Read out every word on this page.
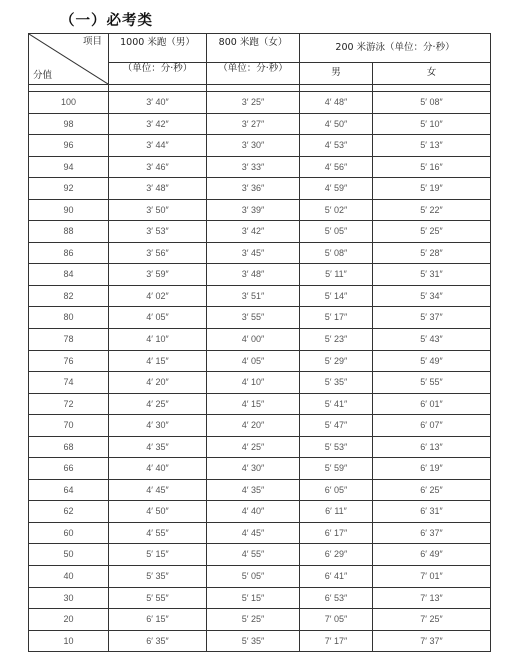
（一）必考类
项目
分值	1000 米跑（男）	800 米跑（女）	200 米游泳（单位：分·秒）	
	（单位：分·秒）	（单位：分·秒）	男	女

100	3′ 40″	3′ 25″	4′ 48″	5′ 08″
98	3′ 42″	3′ 27″	4′ 50″	5′ 10″
96	3′ 44″	3′ 30″	4′ 53″	5′ 13″
94	3′ 46″	3′ 33″	4′ 56″	5′ 16″
92	3′ 48″	3′ 36″	4′ 59″	5′ 19″
90	3′ 50″	3′ 39″	5′ 02″	5′ 22″
88	3′ 53″	3′ 42″	5′ 05″	5′ 25″
86	3′ 56″	3′ 45″	5′ 08″	5′ 28″
84	3′ 59″	3′ 48″	5′ 11″	5′ 31″
82	4′ 02″	3′ 51″	5′ 14″	5′ 34″
80	4′ 05″	3′ 55″	5′ 17″	5′ 37″
78	4′ 10″	4′ 00″	5′ 23″	5′ 43″
76	4′ 15″	4′ 05″	5′ 29″	5′ 49″
74	4′ 20″	4′ 10″	5′ 35″	5′ 55″
72	4′ 25″	4′ 15″	5′ 41″	6′ 01″
70	4′ 30″	4′ 20″	5′ 47″	6′ 07″
68	4′ 35″	4′ 25″	5′ 53″	6′ 13″
66	4′ 40″	4′ 30″	5′ 59″	6′ 19″
64	4′ 45″	4′ 35″	6′ 05″	6′ 25″
62	4′ 50″	4′ 40″	6′ 11″	6′ 31″
60	4′ 55″	4′ 45″	6′ 17″	6′ 37″
50	5′ 15″	4′ 55″	6′ 29″	6′ 49″
40	5′ 35″	5′ 05″	6′ 41″	7′ 01″
30	5′ 55″	5′ 15″	6′ 53″	7′ 13″
20	6′ 15″	5′ 25″	7′ 05″	7′ 25″
10	6′ 35″	5′ 35″	7′ 17″	7′ 37″
